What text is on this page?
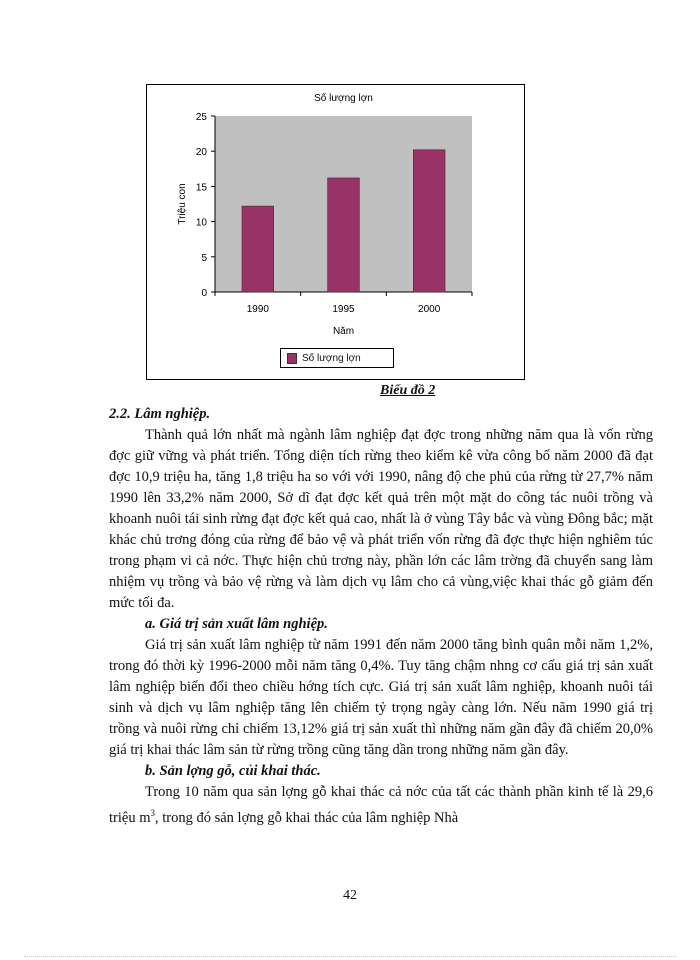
Số lượng lợn
0
5
10
15
20
25
1990	1995	2000
Năm
Triệu con
Số lượng lợn
Biểu đồ 2
2.2. Lâm nghiệp.

Thành quả lớn nhất mà ngành lâm nghiệp đạt đợc trong những năm qua là vốn rừng đợc giữ vững và phát triển. Tổng diện tích rừng theo kiểm kê vừa công bố năm 2000 đã đạt đợc 10,9 triệu ha, tăng 1,8 triệu ha so với với 1990, nâng độ che phủ của rừng từ 27,7% năm 1990 lên 33,2% năm 2000, Sở dĩ đạt đợc kết quả trên một mặt do công tác nuôi trồng và khoanh nuôi tái sinh rừng đạt đợc kết quả cao, nhất là ở vùng Tây bắc và vùng Đông bắc; mặt khác chủ trơng đóng của rừng để bảo vệ và phát triển vốn rừng đã đợc thực hiện nghiêm túc trong phạm vi cả nớc. Thực hiện chủ trơng này, phần lớn các lâm trờng đã chuyển sang làm nhiệm vụ trồng và bảo vệ rừng và làm dịch vụ lâm cho cả vùng,việc khai thác gỗ giảm đến mức tối đa.

a. Giá trị sản xuất lâm nghiệp.

Giá trị sản xuất lâm nghiệp từ năm 1991 đến năm 2000 tăng bình quân mỗi năm 1,2%, trong đó thời kỳ 1996-2000 mỗi năm tăng 0,4%. Tuy tăng chậm nhng cơ cấu giá trị sản xuất lâm nghiệp biến đổi theo chiều hớng tích cực. Giá trị sản xuất lâm nghiệp, khoanh nuôi tái sinh và dịch vụ lâm nghiệp tăng lên chiếm tỷ trọng ngày càng lớn. Nếu năm 1990 giá trị trồng và nuôi rừng chỉ chiếm 13,12% giá trị sản xuất thì những năm gần đây đã chiếm 20,0% giá trị khai thác lâm sản từ rừng trồng cũng tăng dần trong những năm gần đây.

b. Sản lợng gỗ, củi khai thác.

Trong 10 năm qua sản lợng gỗ khai thác cả nớc của tất các thành phần kinh tế là 29,6 triệu $m^3$, trong đó sản lợng gỗ khai thác của lâm nghiệp Nhà

42
